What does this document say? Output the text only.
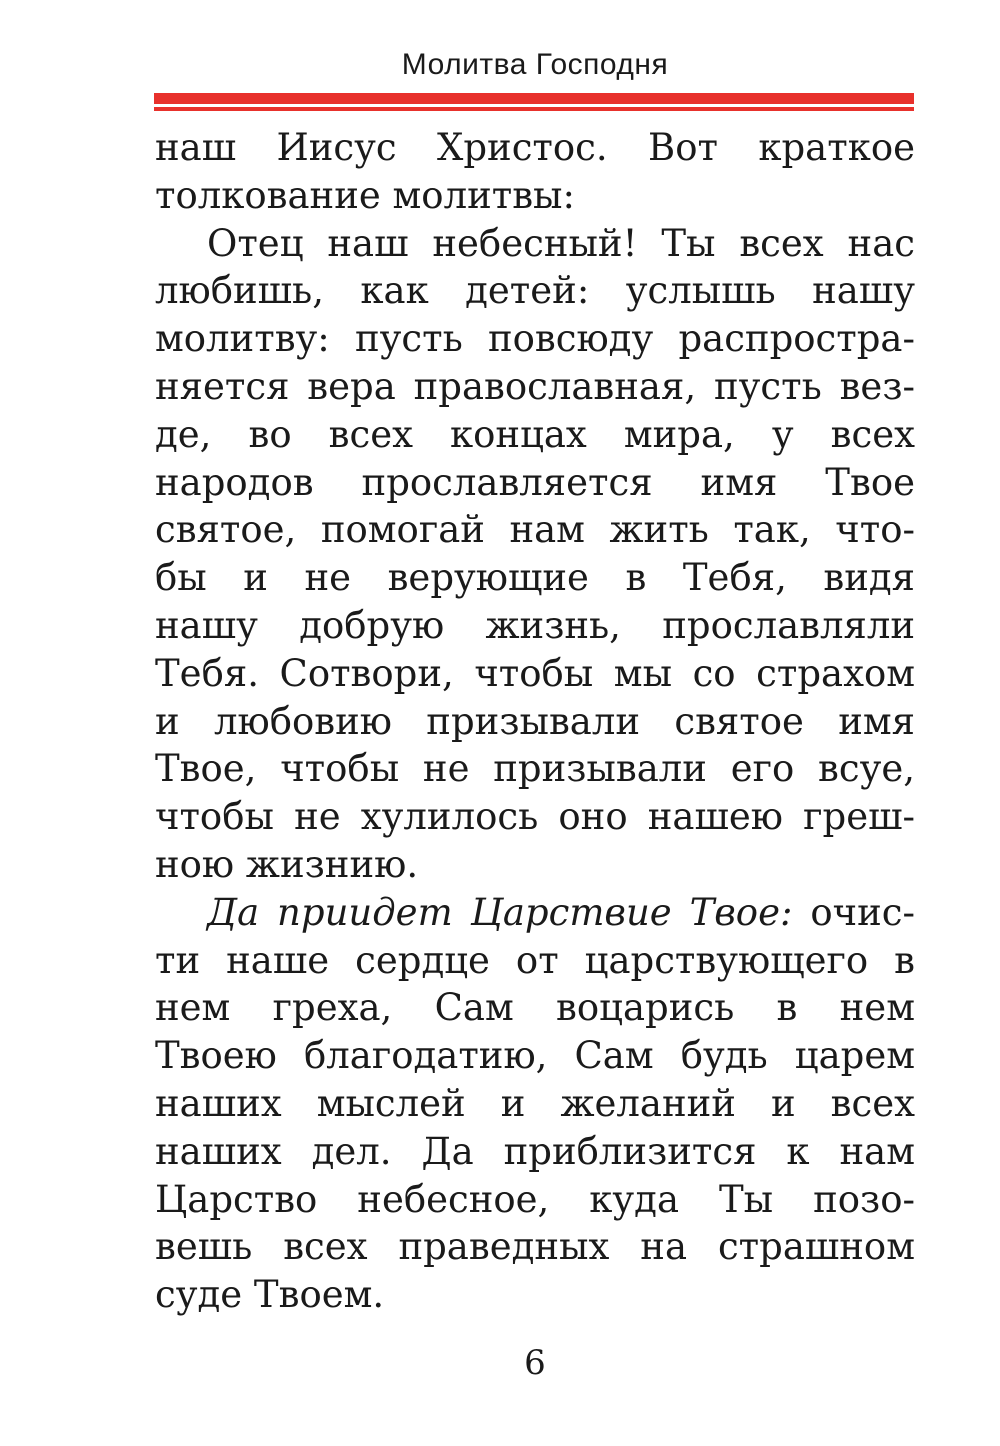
Молитва Господня
наш Иисус Христос. Вот краткое
толкование молитвы:
Отец наш небесный! Ты всех нас
любишь, как детей: услышь нашу
молитву: пусть повсюду распростра-
няется вера православная, пусть вез-
де, во всех концах мира, у всех
народов прославляется имя Твое
святое, помогай нам жить так, что-
бы и не верующие в Тебя, видя
нашу добрую жизнь, прославляли
Тебя. Сотвори, чтобы мы со страхом
и любовию призывали святое имя
Твое, чтобы не призывали его всуе,
чтобы не хулилось оно нашею греш-
ною жизнию.
Да приидет Царствие Твое: очис-
ти наше сердце от царствующего в
нем греха, Сам воцарись в нем
Твоею благодатию, Сам будь царем
наших мыслей и желаний и всех
наших дел. Да приблизится к нам
Царство небесное, куда Ты позо-
вешь всех праведных на страшном
суде Твоем.
6
